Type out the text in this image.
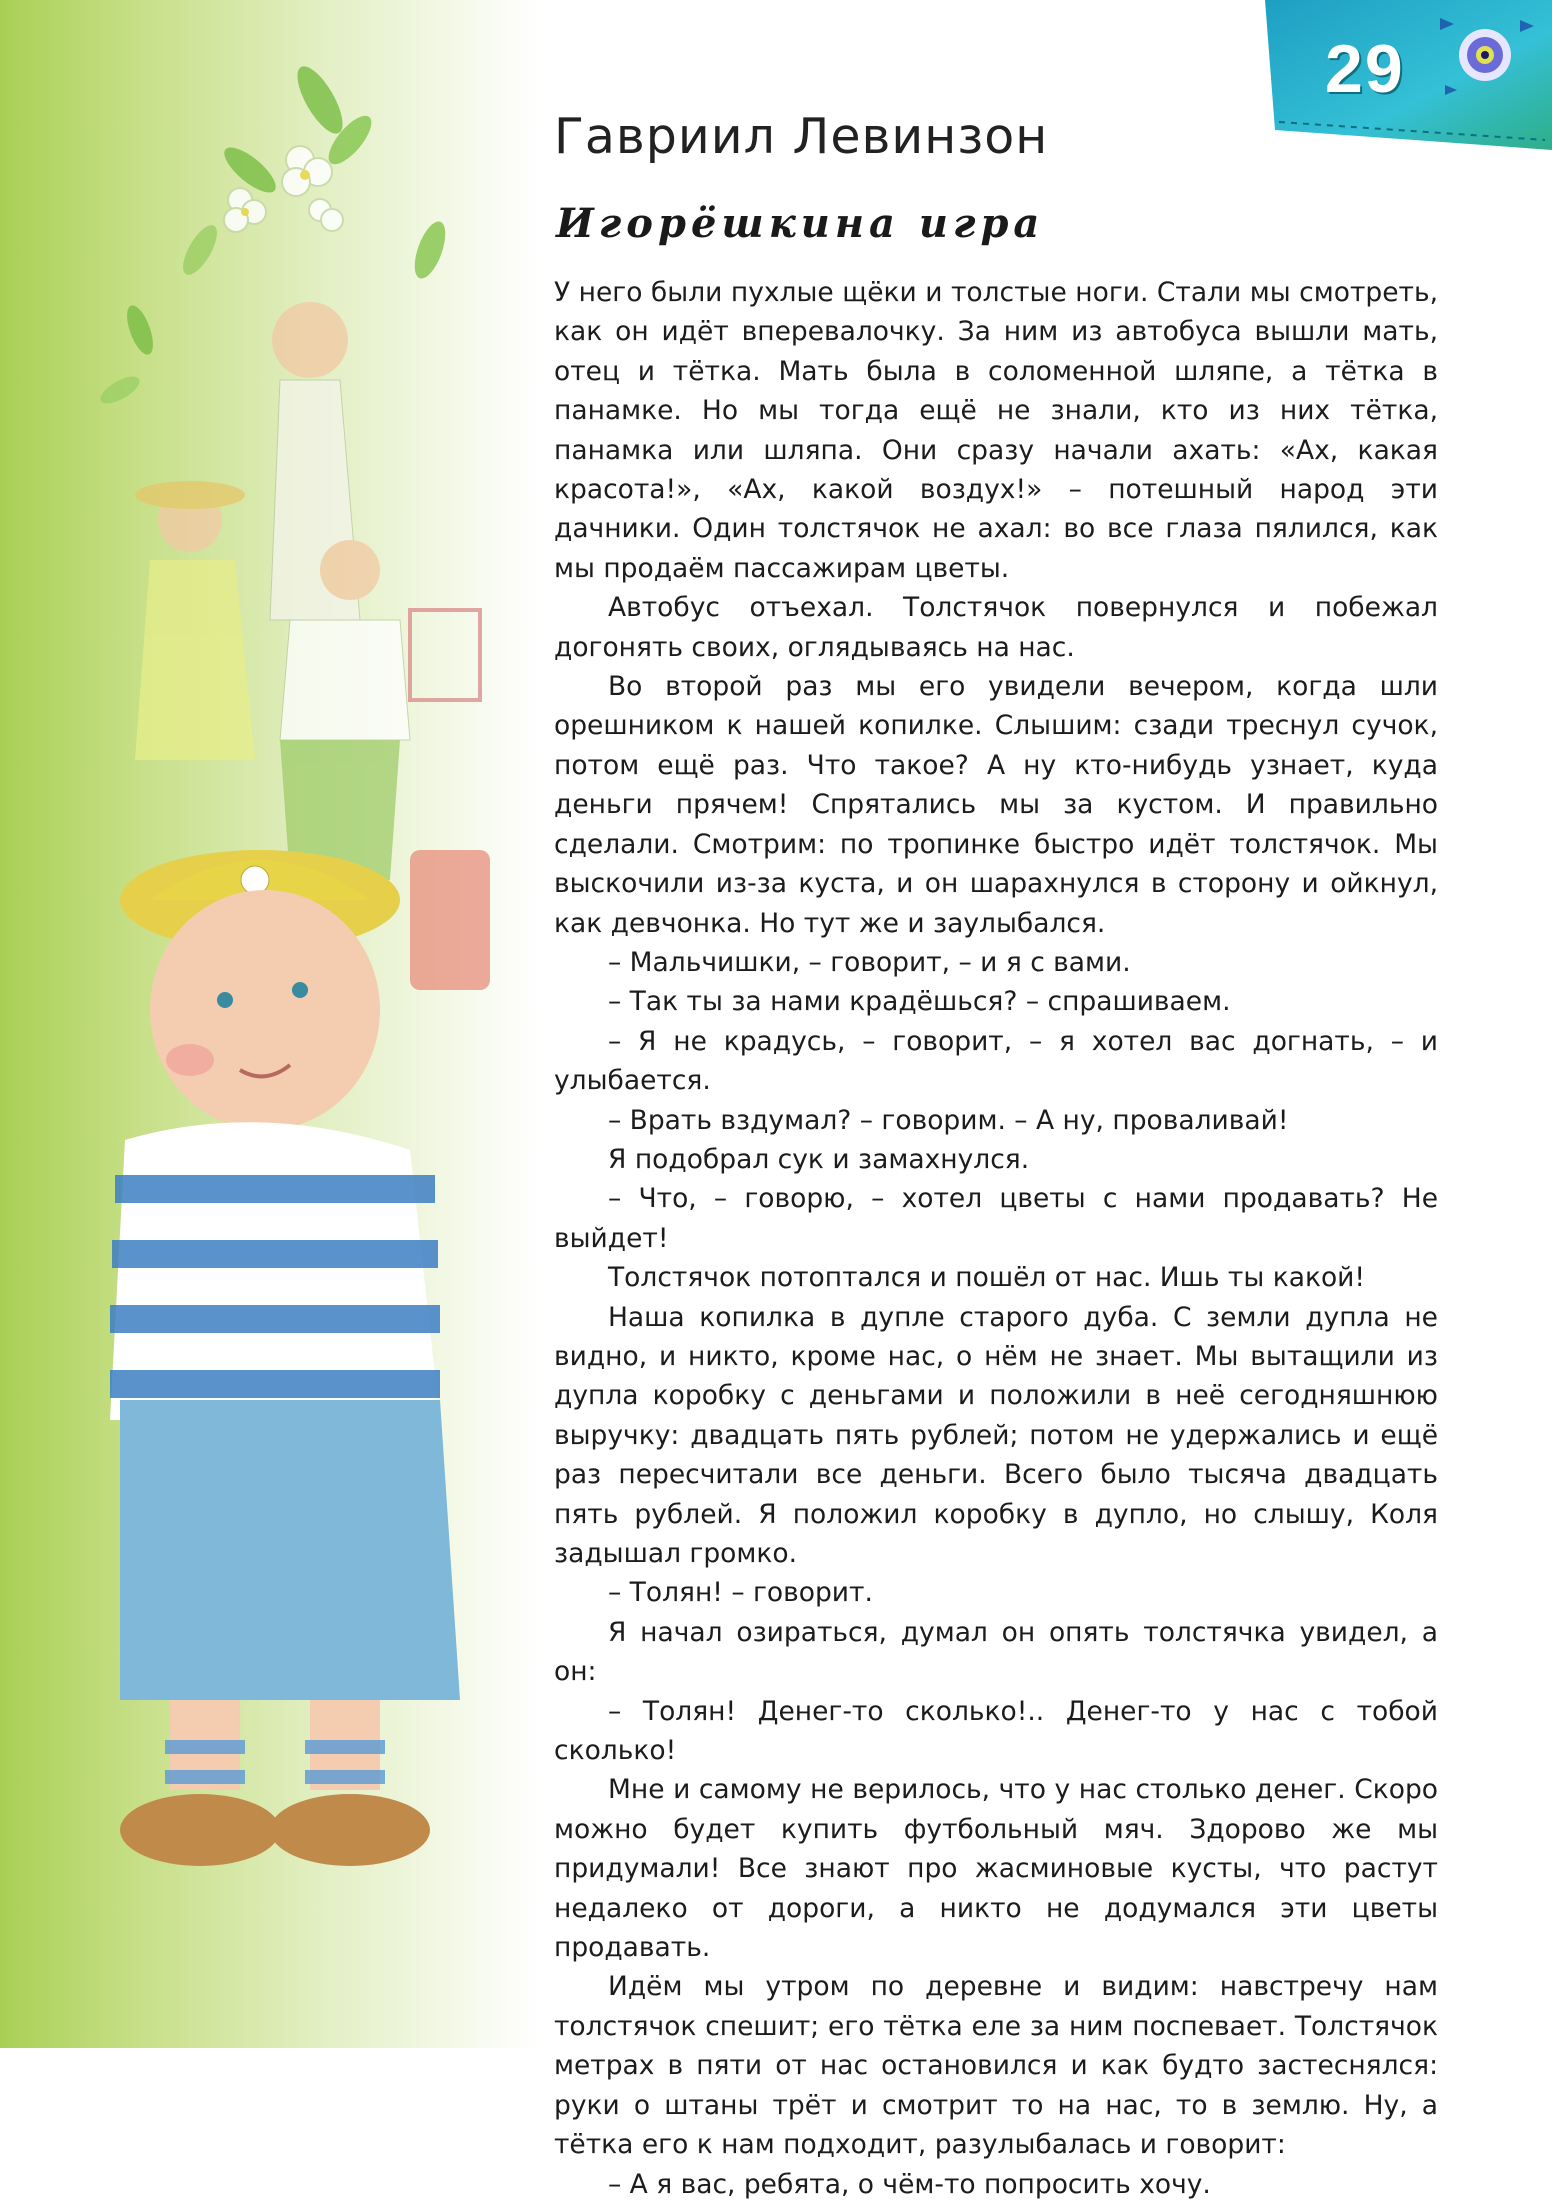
29
Гавриил Левинзон
Игорёшкина игра

У него были пухлые щёки и толстые ноги. Стали мы смотреть, как он идёт вперевалочку. За ним из автобуса вышли мать, отец и тётка. Мать была в соломенной шляпе, а тётка в панамке. Но мы тогда ещё не знали, кто из них тётка, панамка или шляпа. Они сразу начали ахать: «Ах, какая красота!», «Ах, какой воздух!» – потешный народ эти дачники. Один толстячок не ахал: во все глаза пялился, как мы продаём пассажирам цветы.

Автобус отъехал. Толстячок повернулся и побежал догонять своих, оглядываясь на нас.

Во второй раз мы его увидели вечером, когда шли орешником к нашей копилке. Слышим: сзади треснул сучок, потом ещё раз. Что такое? А ну кто-нибудь узнает, куда деньги прячем! Спрятались мы за кустом. И правильно сделали. Смотрим: по тропинке быстро идёт толстячок. Мы выскочили из-за куста, и он шарахнулся в сторону и ойкнул, как девчонка. Но тут же и заулыбался.

– Мальчишки, – говорит, – и я с вами.

– Так ты за нами крадёшься? – спрашиваем.

– Я не крадусь, – говорит, – я хотел вас догнать, – и улыбается.

– Врать вздумал? – говорим. – А ну, проваливай!

Я подобрал сук и замахнулся.

– Что, – говорю, – хотел цветы с нами продавать? Не выйдет!

Толстячок потоптался и пошёл от нас. Ишь ты какой!

Наша копилка в дупле старого дуба. С земли дупла не видно, и никто, кроме нас, о нём не знает. Мы вытащили из дупла коробку с деньгами и положили в неё сегодняшнюю выручку: двадцать пять рублей; потом не удержались и ещё раз пересчитали все деньги. Всего было тысяча двадцать пять рублей. Я положил коробку в дупло, но слышу, Коля задышал громко.

– Толян! – говорит.

Я начал озираться, думал он опять толстячка увидел, а он:

– Толян! Денег-то сколько!.. Денег-то у нас с тобой сколько!

Мне и самому не верилось, что у нас столько денег. Скоро можно будет купить футбольный мяч. Здорово же мы придумали! Все знают про жасминовые кусты, что растут недалеко от дороги, а никто не додумался эти цветы продавать.

Идём мы утром по деревне и видим: навстречу нам толстячок спешит; его тётка еле за ним поспевает. Толстячок метрах в пяти от нас остановился и как будто застеснялся: руки о штаны трёт и смотрит то на нас, то в землю. Ну, а тётка его к нам подходит, разулыбалась и говорит:

– А я вас, ребята, о чём-то попросить хочу.
